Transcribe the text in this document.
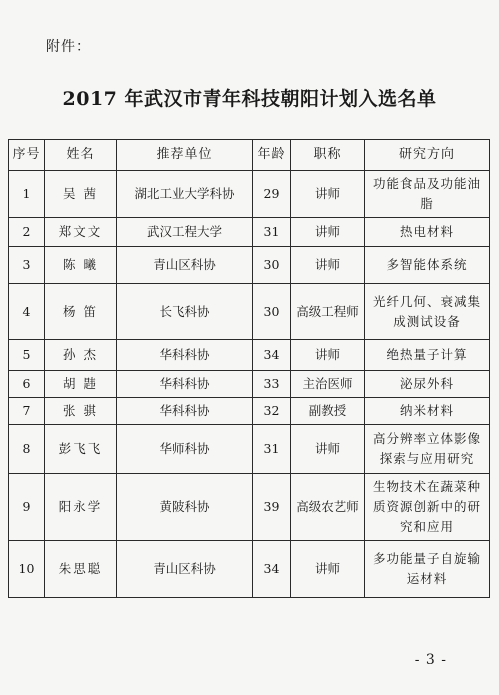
附件：
2017 年武汉市青年科技朝阳计划入选名单
序号	姓名	推荐单位	年龄	职称	研究方向
1	吴 茜	湖北工业大学科协	29	讲师	功能食品及功能油脂
2	郑文文	武汉工程大学	31	讲师	热电材料
3	陈 曦	青山区科协	30	讲师	多智能体系统
4	杨 笛	长飞科协	30	高级工程师	光纤几何、衰减集成测试设备
5	孙 杰	华科科协	34	讲师	绝热量子计算
6	胡 韪	华科科协	33	主治医师	泌尿外科
7	张 骐	华科科协	32	副教授	纳米材料
8	彭飞飞	华师科协	31	讲师	高分辨率立体影像探索与应用研究
9	阳永学	黄陂科协	39	高级农艺师	生物技术在蔬菜种质资源创新中的研究和应用
10	朱思聪	青山区科协	34	讲师	多功能量子自旋输运材料
- 3 -
